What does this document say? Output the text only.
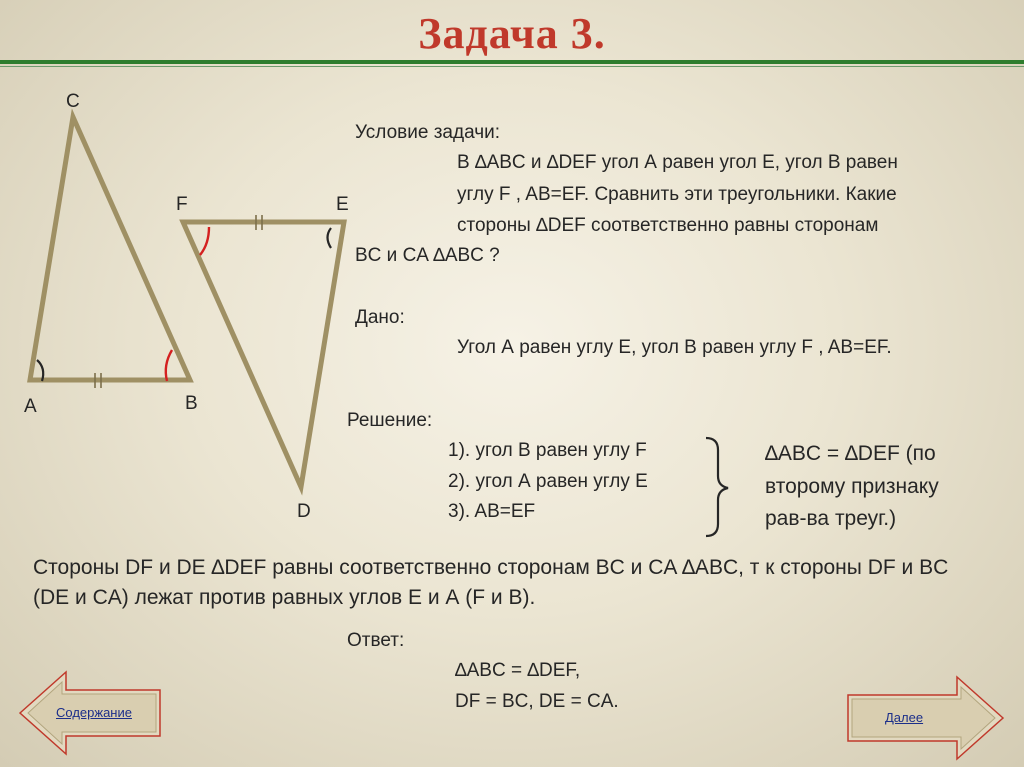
Задача 3.
C
A	B
F	E
D
Условие задачи:
В ∆ABC и ∆DEF угол А равен угол Е, угол В равен
углу F , AB=EF. Сравнить эти треугольники. Какие
стороны ∆DEF соответственно равны сторонам
BC и CA ∆ABC ?
Дано:
Угол А равен углу Е, угол В равен углу F , AB=EF.
Решение:
1). угол В равен углу F
2). угол А равен углу Е
3). AB=EF
∆ABC = ∆DEF (по
второму признаку
рав-ва треуг.)
Стороны DF и DE ∆DEF равны соответственно сторонам BC и CA ∆ABC, т к стороны DF и BC
(DE и CA) лежат против равных углов Е и А (F и В).
Ответ:
∆ABC = ∆DEF,
DF = BC, DE = CA.
Содержание	Далее
